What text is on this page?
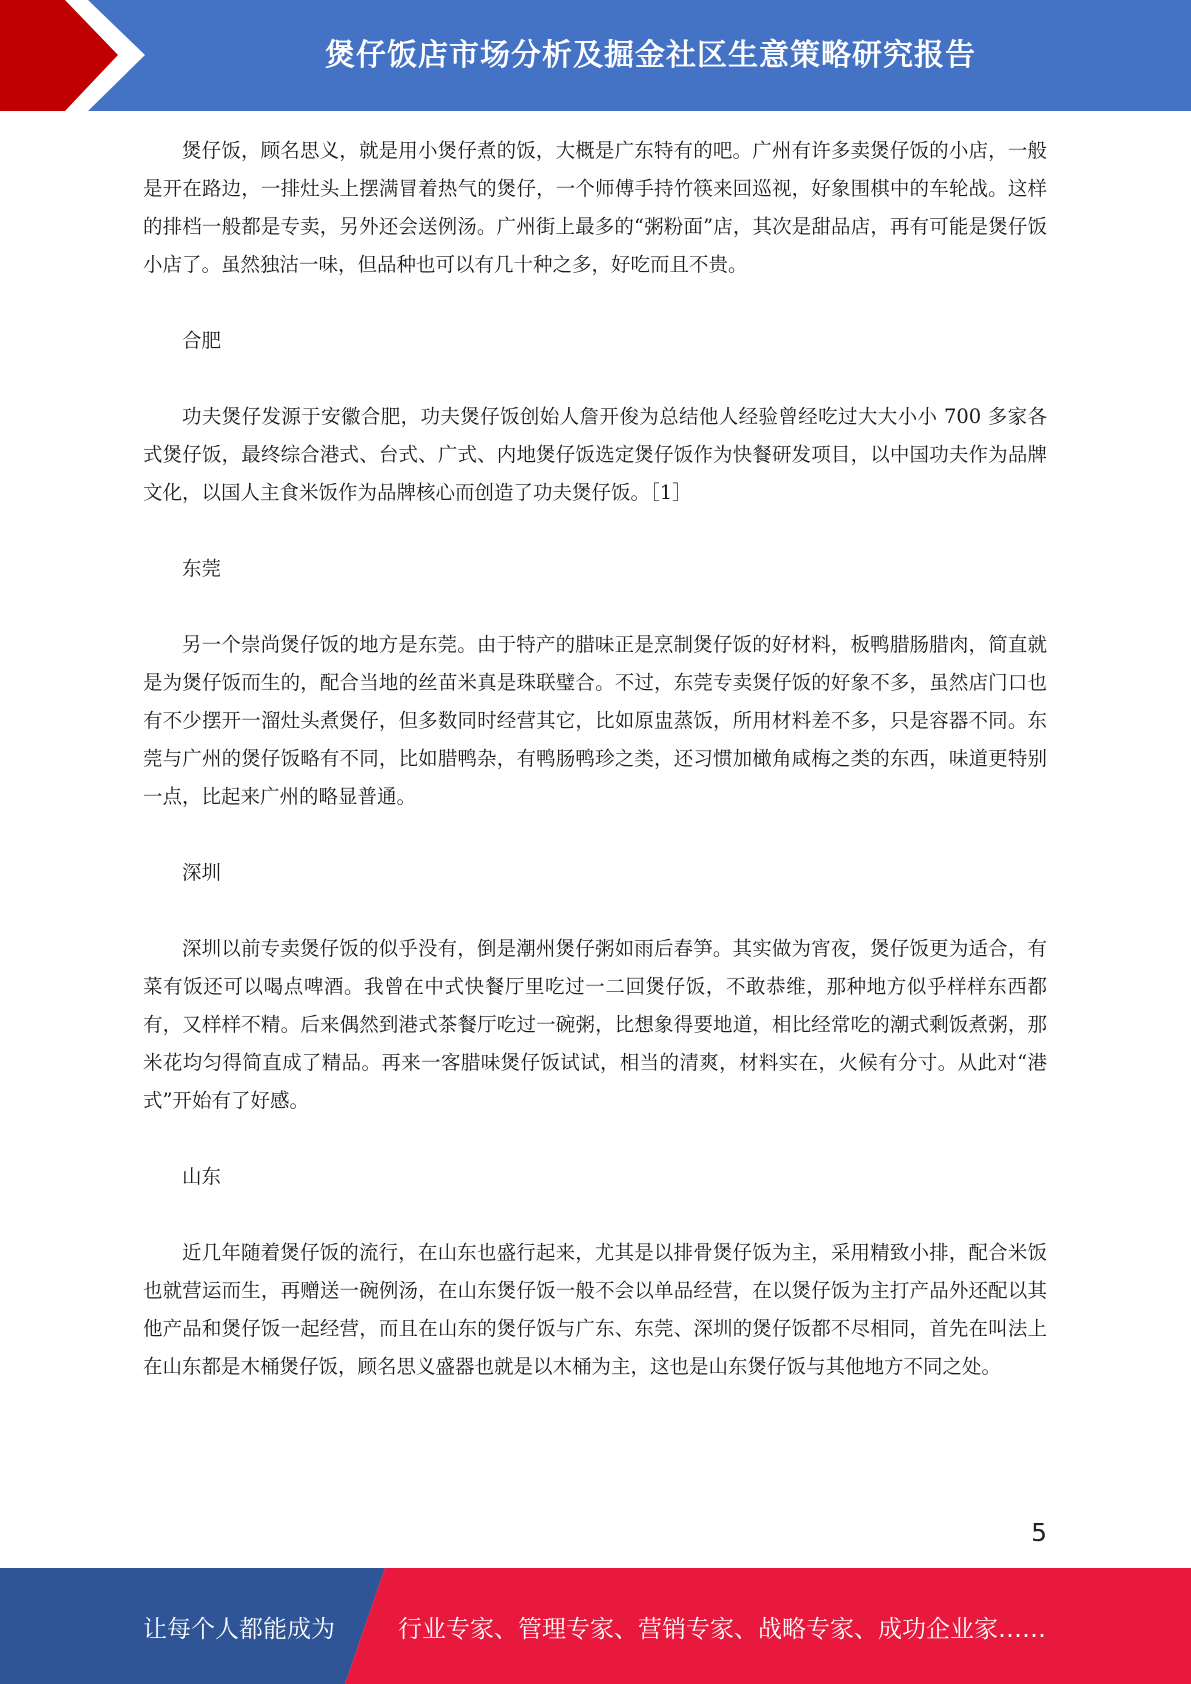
煲仔饭店市场分析及掘金社区生意策略研究报告

煲仔饭，顾名思义，就是用小煲仔煮的饭，大概是广东特有的吧。广州有许多卖煲仔饭的小店，一般是开在路边，一排灶头上摆满冒着热气的煲仔，一个师傅手持竹筷来回巡视，好象围棋中的车轮战。这样的排档一般都是专卖，另外还会送例汤。广州街上最多的“粥粉面”店，其次是甜品店，再有可能是煲仔饭小店了。虽然独沽一味，但品种也可以有几十种之多，好吃而且不贵。

合肥

功夫煲仔发源于安徽合肥，功夫煲仔饭创始人詹开俊为总结他人经验曾经吃过大大小小 700 多家各式煲仔饭，最终综合港式、台式、广式、内地煲仔饭选定煲仔饭作为快餐研发项目，以中国功夫作为品牌文化，以国人主食米饭作为品牌核心而创造了功夫煲仔饭。［1］

东莞

另一个崇尚煲仔饭的地方是东莞。由于特产的腊味正是烹制煲仔饭的好材料，板鸭腊肠腊肉，简直就是为煲仔饭而生的，配合当地的丝苗米真是珠联璧合。不过，东莞专卖煲仔饭的好象不多，虽然店门口也有不少摆开一溜灶头煮煲仔，但多数同时经营其它，比如原盅蒸饭，所用材料差不多，只是容器不同。东莞与广州的煲仔饭略有不同，比如腊鸭杂，有鸭肠鸭珍之类，还习惯加橄角咸梅之类的东西，味道更特别一点，比起来广州的略显普通。

深圳

深圳以前专卖煲仔饭的似乎没有，倒是潮州煲仔粥如雨后春笋。其实做为宵夜，煲仔饭更为适合，有菜有饭还可以喝点啤酒。我曾在中式快餐厅里吃过一二回煲仔饭，不敢恭维，那种地方似乎样样东西都有，又样样不精。后来偶然到港式茶餐厅吃过一碗粥，比想象得要地道，相比经常吃的潮式剩饭煮粥，那米花均匀得简直成了精品。再来一客腊味煲仔饭试试，相当的清爽，材料实在，火候有分寸。从此对“港式”开始有了好感。

山东

近几年随着煲仔饭的流行，在山东也盛行起来，尤其是以排骨煲仔饭为主，采用精致小排，配合米饭也就营运而生，再赠送一碗例汤，在山东煲仔饭一般不会以单品经营，在以煲仔饭为主打产品外还配以其他产品和煲仔饭一起经营，而且在山东的煲仔饭与广东、东莞、深圳的煲仔饭都不尽相同，首先在叫法上在山东都是木桶煲仔饭，顾名思义盛器也就是以木桶为主，这也是山东煲仔饭与其他地方不同之处。

5
让每个人都能成为	行业专家、管理专家、营销专家、战略专家、成功企业家……
